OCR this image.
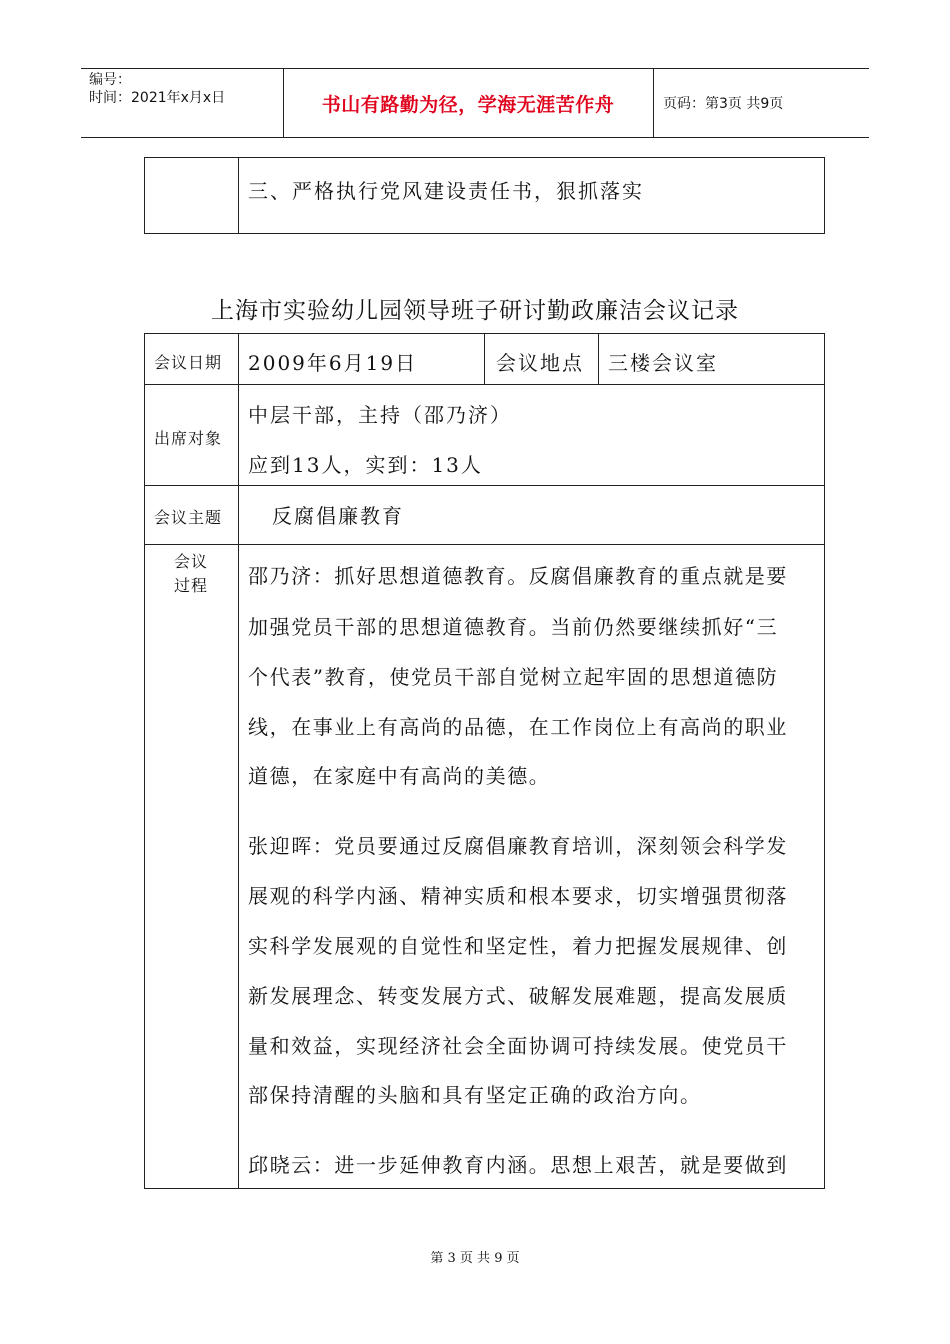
编号：
时间：2021年x月x日	书山有路勤为径，学海无涯苦作舟	页码：第3页 共9页
三、严格执行党风建设责任书，狠抓落实
上海市实验幼儿园领导班子研讨勤政廉洁会议记录
会议日期 2009年6月19日	会议地点 三楼会议室
出席对象
中层干部，主持（邵乃济）
应到13人，实到：13人
会议主题 反腐倡廉教育
会议
过程 邵乃济：抓好思想道德教育。反腐倡廉教育的重点就是要
加强党员干部的思想道德教育。当前仍然要继续抓好“三
个代表”教育，使党员干部自觉树立起牢固的思想道德防
线，在事业上有高尚的品德，在工作岗位上有高尚的职业
道德，在家庭中有高尚的美德。
张迎晖：党员要通过反腐倡廉教育培训，深刻领会科学发
展观的科学内涵、精神实质和根本要求，切实增强贯彻落
实科学发展观的自觉性和坚定性，着力把握发展规律、创
新发展理念、转变发展方式、破解发展难题，提高发展质
量和效益，实现经济社会全面协调可持续发展。使党员干
部保持清醒的头脑和具有坚定正确的政治方向。
邱晓云：进一步延伸教育内涵。思想上艰苦，就是要做到
第 3 页 共 9 页
